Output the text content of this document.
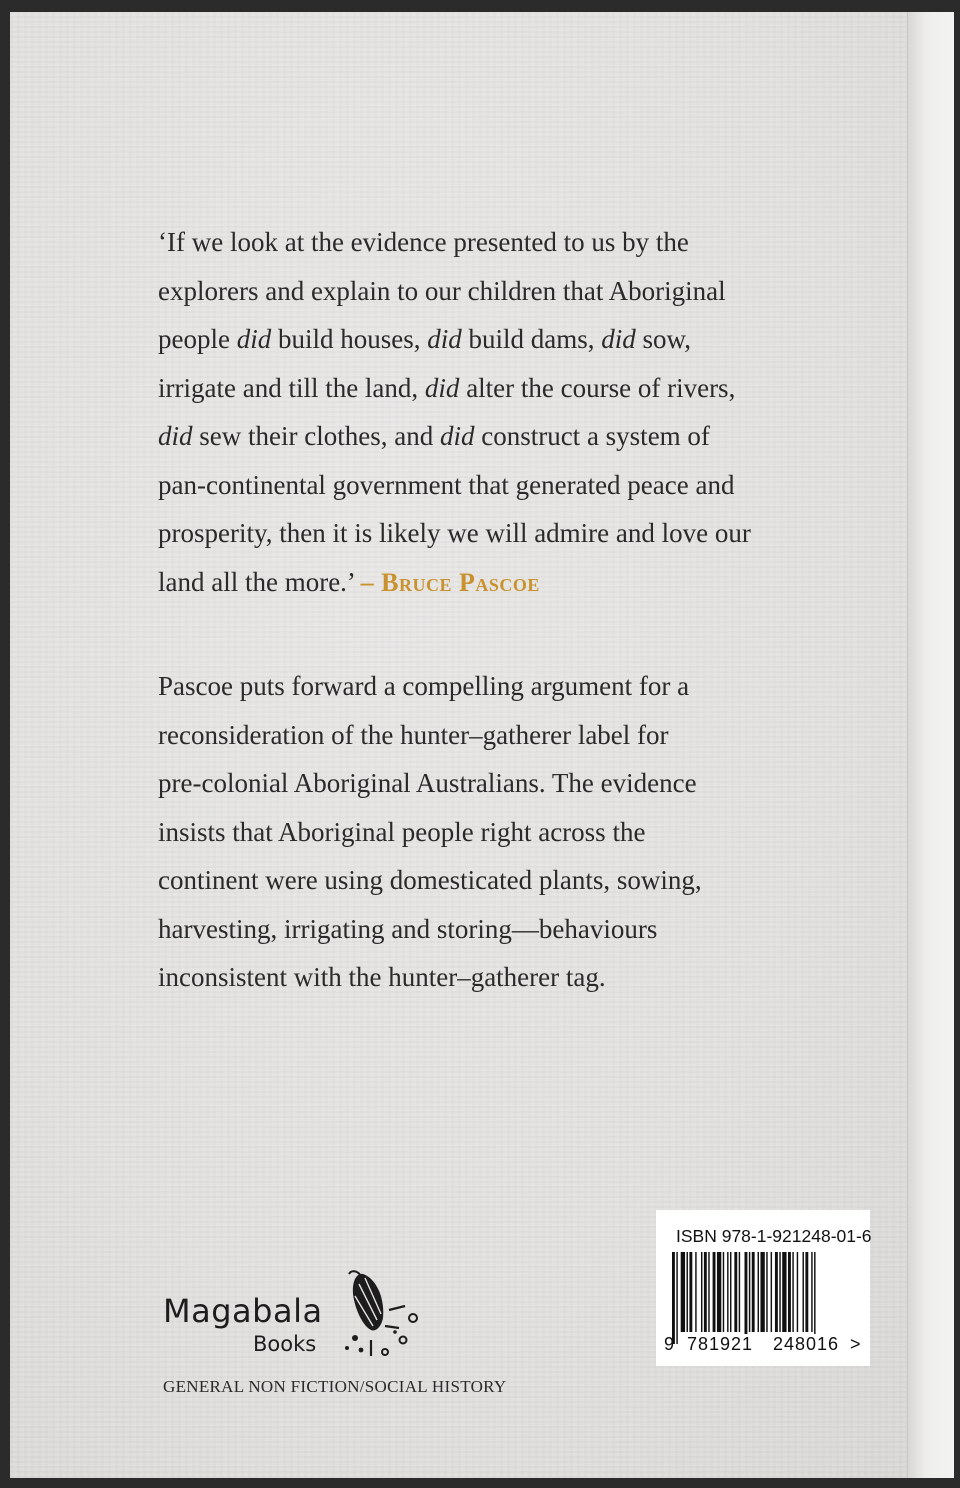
‘If we look at the evidence presented to us by the
explorers and explain to our children that Aboriginal
people did build houses, did build dams, did sow,
irrigate and till the land, did alter the course of rivers,
did sew their clothes, and did construct a system of
pan-continental government that generated peace and
prosperity, then it is likely we will admire and love our
land all the more.’ – Bruce Pascoe
Pascoe puts forward a compelling argument for a
reconsideration of the hunter–gatherer label for
pre-colonial Aboriginal Australians. The evidence
insists that Aboriginal people right across the
continent were using domesticated plants, sowing,
harvesting, irrigating and storing—behaviours
inconsistent with the hunter–gatherer tag.
Magabala
Books
GENERAL NON FICTION/SOCIAL HISTORY
ISBN 978-1-921248-01-6
9 781921 248016 >
